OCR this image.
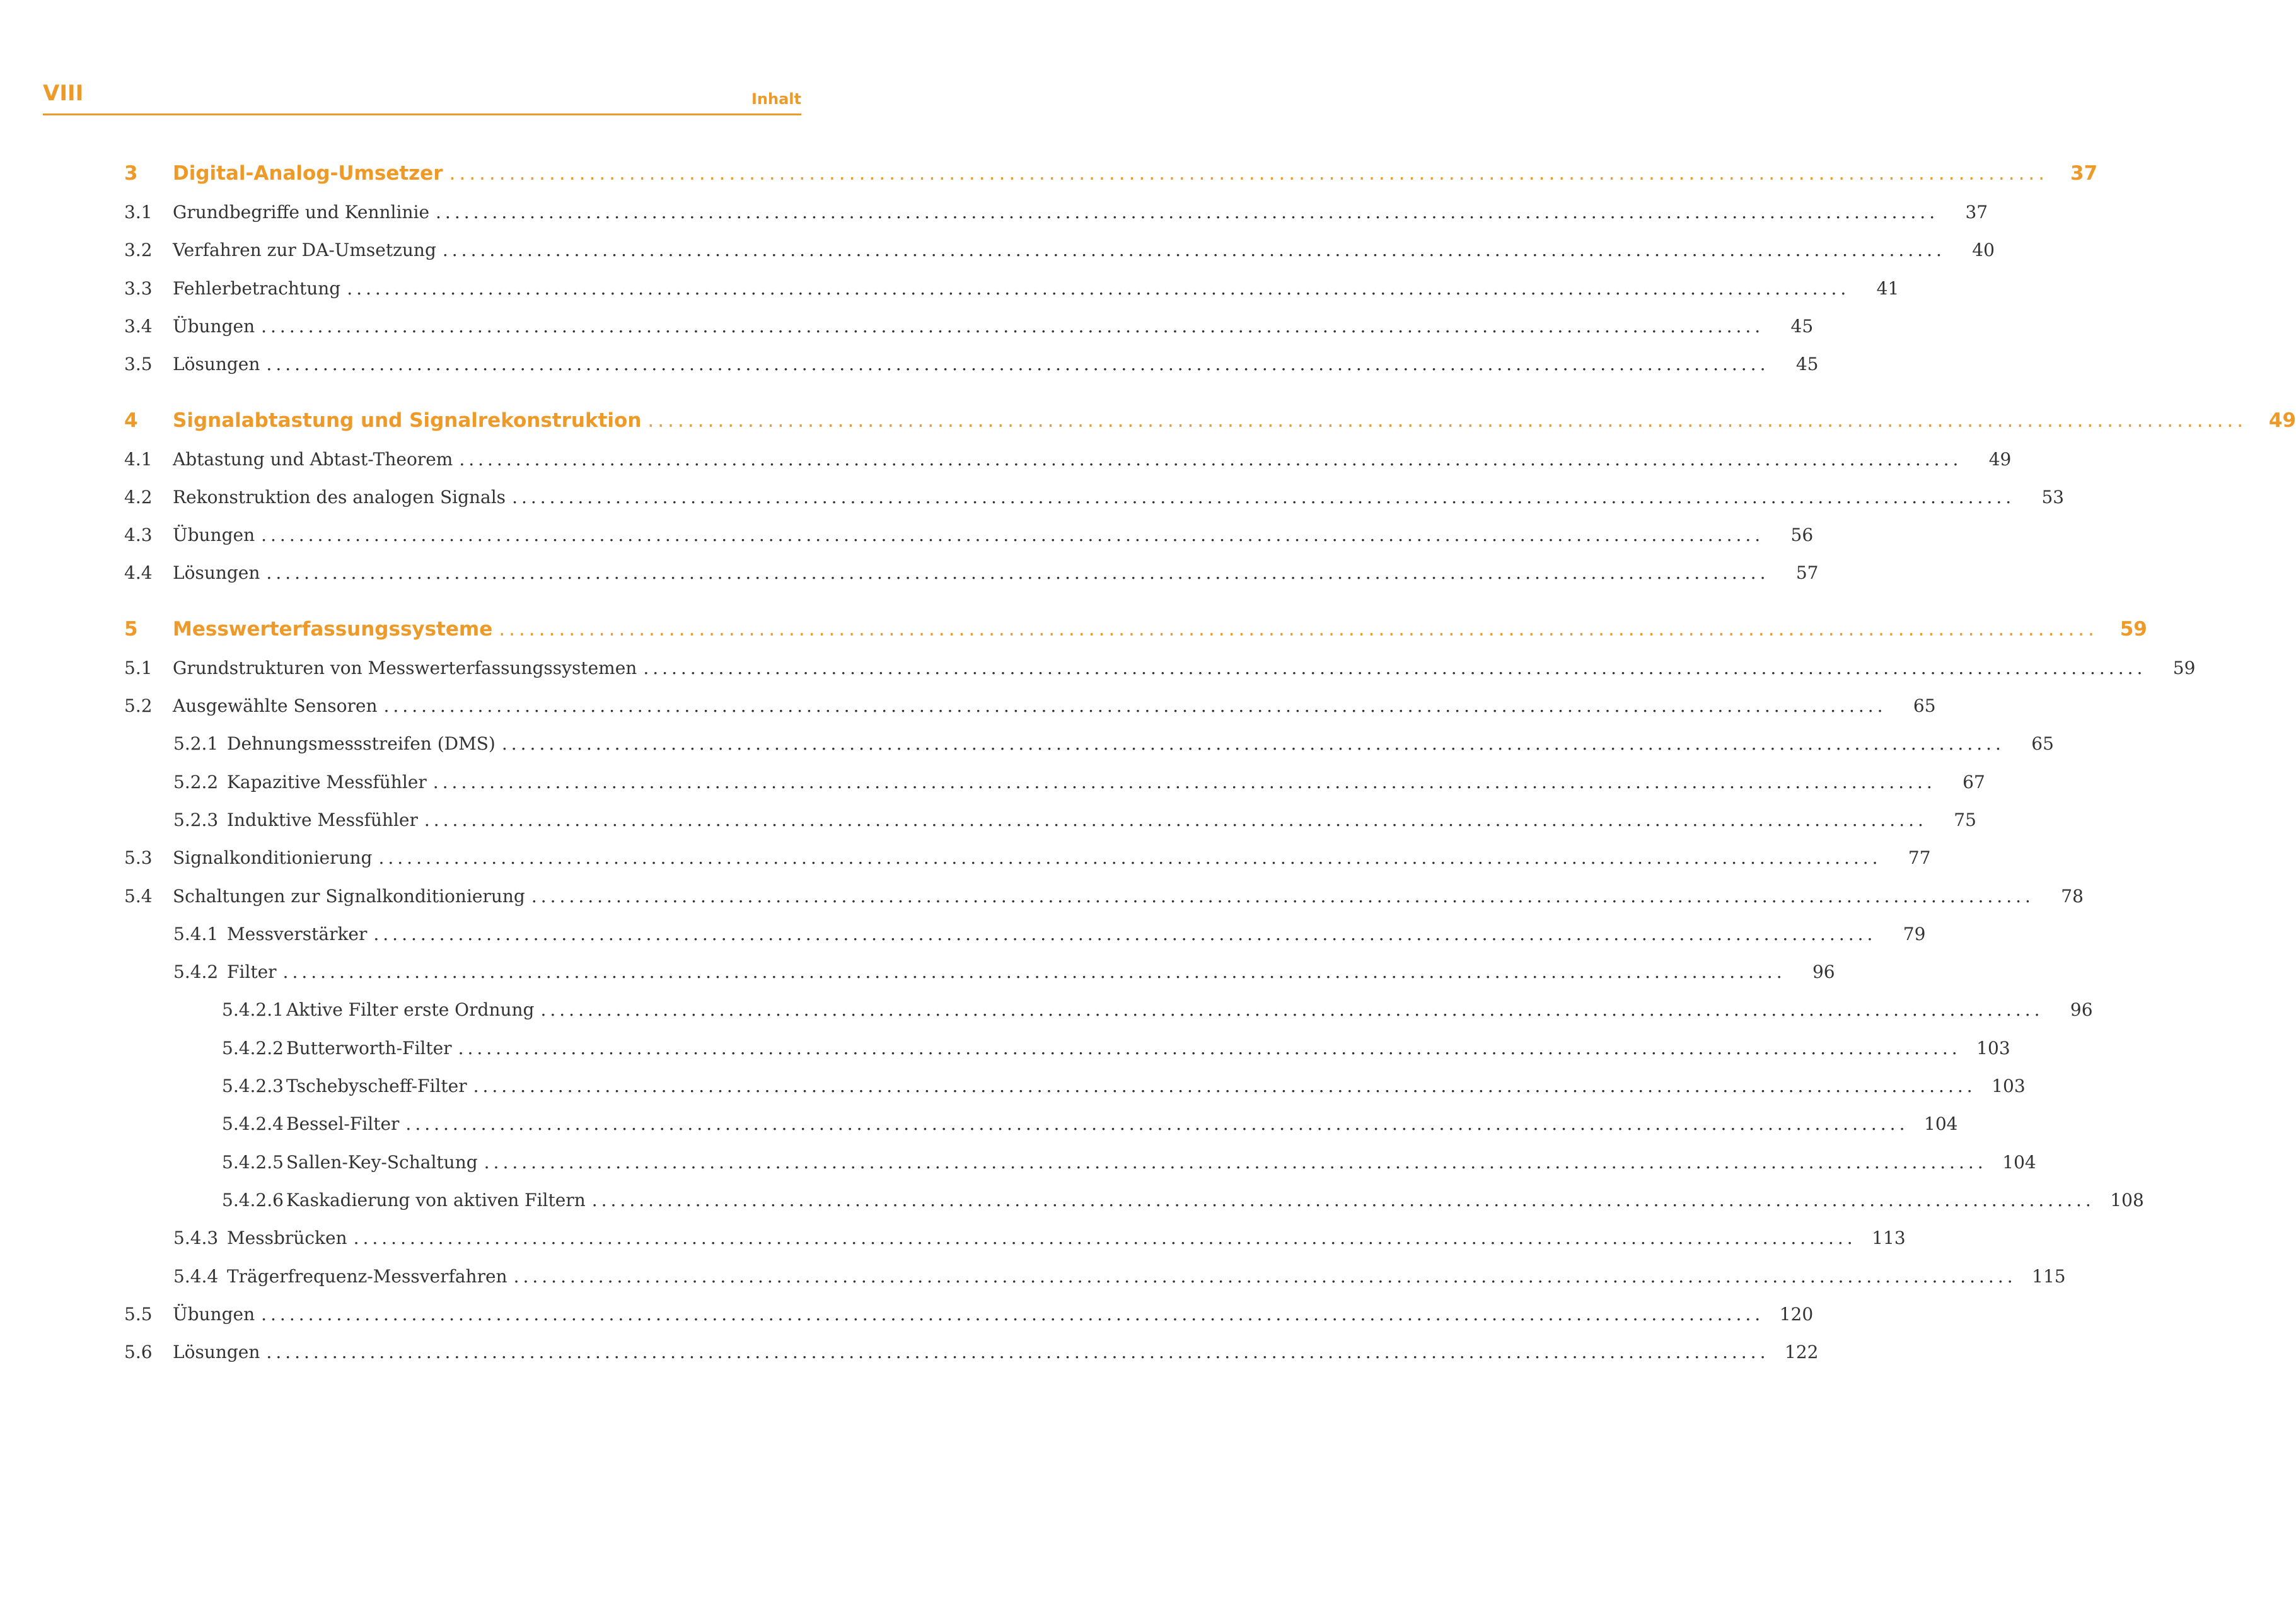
VIII	Inhalt
3 Digital-Analog-Umsetzer ................................................................................................................................................................	37
3.1 Grundbegriffe und Kennlinie ................................................................................................................................................................	37
3.2 Verfahren zur DA-Umsetzung ................................................................................................................................................................	40
3.3 Fehlerbetrachtung ................................................................................................................................................................	41
3.4 Übungen ................................................................................................................................................................	45
3.5 Lösungen ................................................................................................................................................................	45
4 Signalabtastung und Signalrekonstruktion ................................................................................................................................................................	49
4.1 Abtastung und Abtast-Theorem ................................................................................................................................................................	49
4.2 Rekonstruktion des analogen Signals ................................................................................................................................................................	53
4.3 Übungen ................................................................................................................................................................	56
4.4 Lösungen ................................................................................................................................................................	57
5 Messwerterfassungssysteme ................................................................................................................................................................	59
5.1 Grundstrukturen von Messwerterfassungssystemen ................................................................................................................................................................	59
5.2 Ausgewählte Sensoren ................................................................................................................................................................	65
5.2.1 Dehnungsmessstreifen (DMS) ................................................................................................................................................................	65
5.2.2 Kapazitive Messfühler ................................................................................................................................................................	67
5.2.3 Induktive Messfühler ................................................................................................................................................................	75
5.3 Signalkonditionierung ................................................................................................................................................................	77
5.4 Schaltungen zur Signalkonditionierung ................................................................................................................................................................	78
5.4.1 Messverstärker ................................................................................................................................................................	79
5.4.2 Filter ................................................................................................................................................................	96
5.4.2.1 Aktive Filter erste Ordnung ................................................................................................................................................................	96
5.4.2.2 Butterworth-Filter ................................................................................................................................................................ 103
5.4.2.3 Tschebyscheff-Filter ................................................................................................................................................................ 103
5.4.2.4 Bessel-Filter ................................................................................................................................................................ 104
5.4.2.5 Sallen-Key-Schaltung ................................................................................................................................................................ 104
5.4.2.6 Kaskadierung von aktiven Filtern ................................................................................................................................................................ 108
5.4.3 Messbrücken ................................................................................................................................................................ 113
5.4.4 Trägerfrequenz-Messverfahren ................................................................................................................................................................ 115
5.5 Übungen ................................................................................................................................................................ 120
5.6 Lösungen ................................................................................................................................................................ 122
